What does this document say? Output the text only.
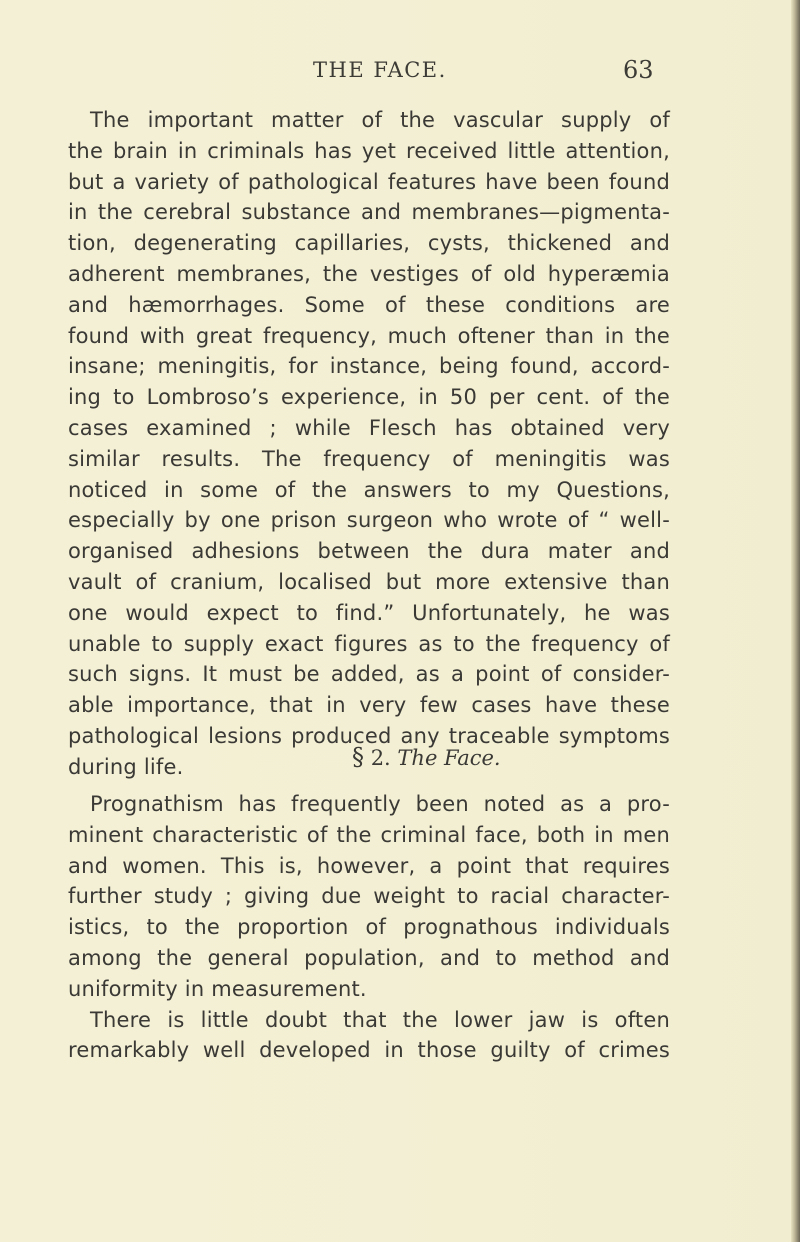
THE FACE.	63
The important matter of the vascular supply of
the brain in criminals has yet received little attention,
but a variety of pathological features have been found
in the cerebral substance and membranes—pigmenta-
tion, degenerating capillaries, cysts, thickened and
adherent membranes, the vestiges of old hyperæmia
and hæmorrhages. Some of these conditions are
found with great frequency, much oftener than in the
insane; meningitis, for instance, being found, accord-
ing to Lombroso’s experience, in 50 per cent. of the
cases examined ; while Flesch has obtained very
similar results. The frequency of meningitis was
noticed in some of the answers to my Questions,
especially by one prison surgeon who wrote of “ well-
organised adhesions between the dura mater and
vault of cranium, localised but more extensive than
one would expect to find.” Unfortunately, he was
unable to supply exact figures as to the frequency of
such signs. It must be added, as a point of consider-
able importance, that in very few cases have these
pathological lesions produced any traceable symptoms
during life.	§ 2. The Face.
Prognathism has frequently been noted as a pro-
minent characteristic of the criminal face, both in men
and women. This is, however, a point that requires
further study ; giving due weight to racial character-
istics, to the proportion of prognathous individuals
among the general population, and to method and
uniformity in measurement.
There is little doubt that the lower jaw is often
remarkably well developed in those guilty of crimes
